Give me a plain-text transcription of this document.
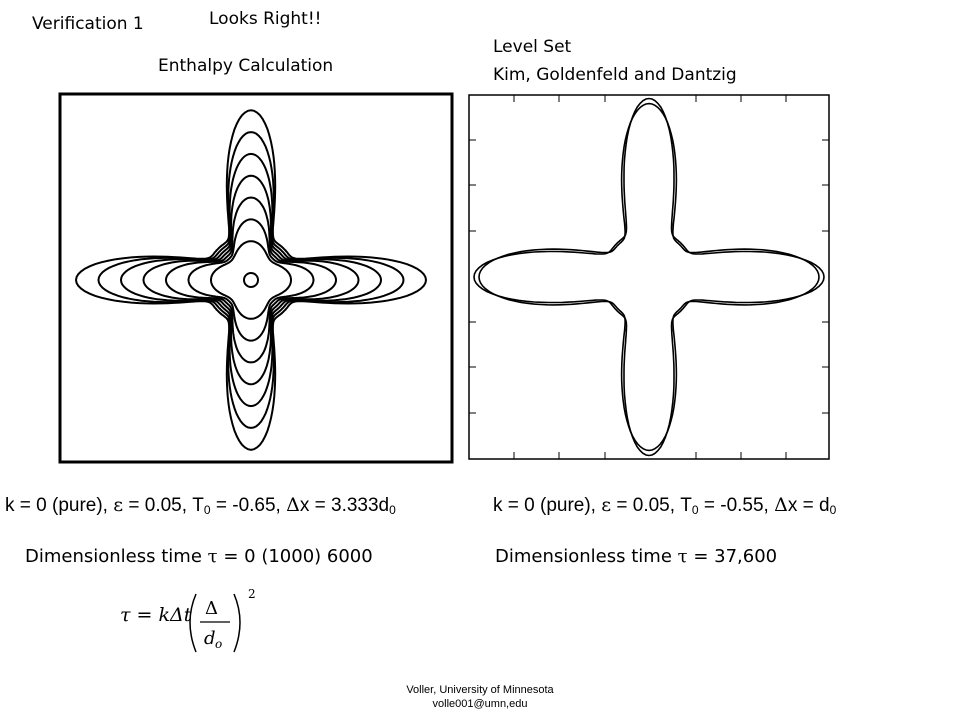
Verification 1	Looks Right!!
Enthalpy Calculation
Level Set
Kim, Goldenfeld and Dantzig
k = 0 (pure), ε = 0.05, $T_0 = -0.65$, $\Delta x = 3.333d_0$	k = 0 (pure), ε = 0.05, $T_0 = -0.55$, $\Delta x = d_0$
Dimensionless time τ = 0 (1000) 6000	Dimensionless time τ = 37,600
τ = kΔt Δ
d o
2
Voller, University of Minnesota
volle001@umn,edu
